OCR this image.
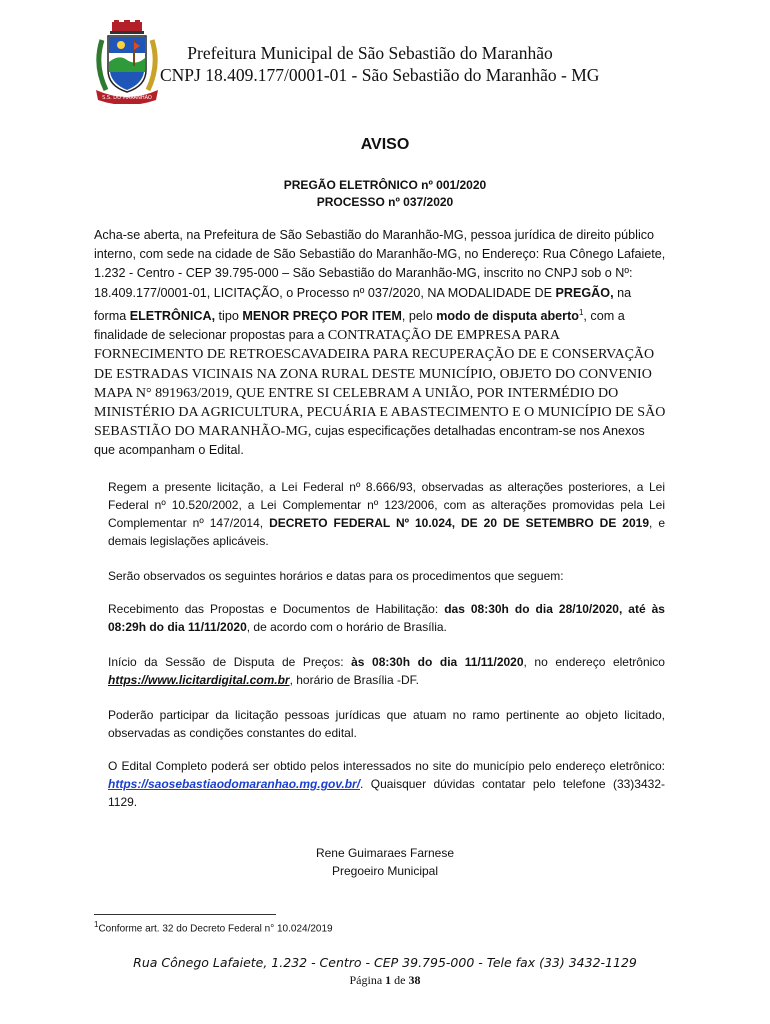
S.S. DO MARANHÃO
Prefeitura Municipal de São Sebastião do Maranhão
CNPJ 18.409.177/0001-01 - São Sebastião do Maranhão - MG
AVISO
PREGÃO ELETRÔNICO nº 001/2020
PROCESSO nº 037/2020
Acha-se aberta, na Prefeitura de São Sebastião do Maranhão-MG, pessoa jurídica de direito público
interno, com sede na cidade de São Sebastião do Maranhão-MG, no Endereço: Rua Cônego Lafaiete,
1.232 - Centro - CEP 39.795-000 – São Sebastião do Maranhão-MG, inscrito no CNPJ sob o Nº:
18.409.177/0001-01, LICITAÇÃO, o Processo nº 037/2020, NA MODALIDADE DE PREGÃO, na
forma ELETRÔNICA, tipo MENOR PREÇO POR ITEM, pelo modo de disputa aberto$^1$, com a
finalidade de selecionar propostas para a CONTRATAÇÃO DE EMPRESA PARA
FORNECIMENTO DE RETROESCAVADEIRA PARA RECUPERAÇÃO DE E CONSERVAÇÃO
DE ESTRADAS VICINAIS NA ZONA RURAL DESTE MUNICÍPIO, OBJETO DO CONVENIO
MAPA N° 891963/2019, QUE ENTRE SI CELEBRAM A UNIÃO, POR INTERMÉDIO DO
MINISTÉRIO DA AGRICULTURA, PECUÁRIA E ABASTECIMENTO E O MUNICÍPIO DE SÃO
SEBASTIÃO DO MARANHÃO-MG, cujas especificações detalhadas encontram-se nos Anexos
que acompanham o Edital.
Regem a presente licitação, a Lei Federal nº 8.666/93, observadas as alterações posteriores, a Lei Federal nº 10.520/2002, a Lei Complementar nº 123/2006, com as alterações promovidas pela Lei Complementar nº 147/2014, DECRETO FEDERAL Nº 10.024, DE 20 DE SETEMBRO DE 2019, e demais legislações aplicáveis.
Serão observados os seguintes horários e datas para os procedimentos que seguem:
Recebimento das Propostas e Documentos de Habilitação: das 08:30h do dia 28/10/2020, até às 08:29h do dia 11/11/2020, de acordo com o horário de Brasília.
Início da Sessão de Disputa de Preços: às 08:30h do dia 11/11/2020, no endereço eletrônico https://www.licitardigital.com.br, horário de Brasília -DF.
Poderão participar da licitação pessoas jurídicas que atuam no ramo pertinente ao objeto licitado, observadas as condições constantes do edital.
O Edital Completo poderá ser obtido pelos interessados no site do município pelo endereço eletrônico: https://saosebastiaodomaranhao.mg.gov.br/. Quaisquer dúvidas contatar pelo telefone (33)3432-1129.
Rene Guimaraes Farnese
Pregoeiro Municipal
$^1$Conforme art. 32 do Decreto Federal n° 10.024/2019
Rua Cônego Lafaiete, 1.232 - Centro - CEP 39.795-000 - Tele fax (33) 3432-1129
Página 1 de 38
